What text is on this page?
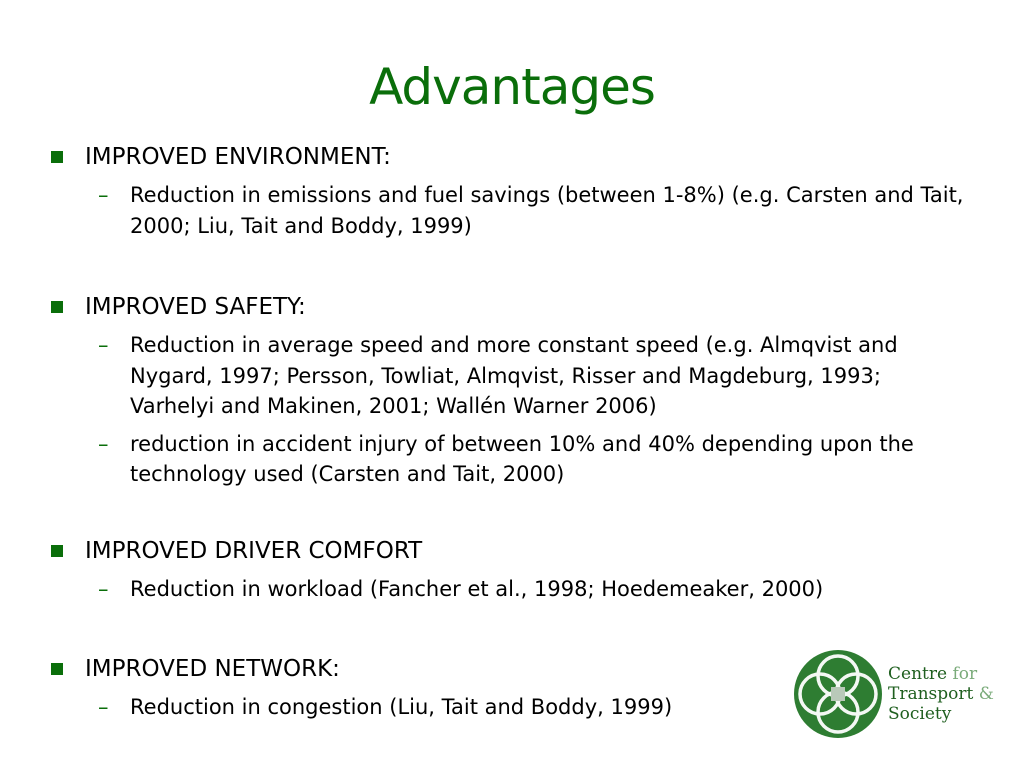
Advantages
IMPROVED ENVIRONMENT:
– Reduction in emissions and fuel savings (between 1-8%) (e.g. Carsten and Tait, 2000; Liu, Tait and Boddy, 1999)
IMPROVED SAFETY:
– Reduction in average speed and more constant speed (e.g. Almqvist and Nygard, 1997; Persson, Towliat, Almqvist, Risser and Magdeburg, 1993; Varhelyi and Makinen, 2001; Wallén Warner 2006)
– reduction in accident injury of between 10% and 40% depending upon the technology used (Carsten and Tait, 2000)
IMPROVED DRIVER COMFORT
– Reduction in workload (Fancher et al., 1998; Hoedemeaker, 2000)
IMPROVED NETWORK:
– Reduction in congestion (Liu, Tait and Boddy, 1999)
Centre for
Transport &
Society
